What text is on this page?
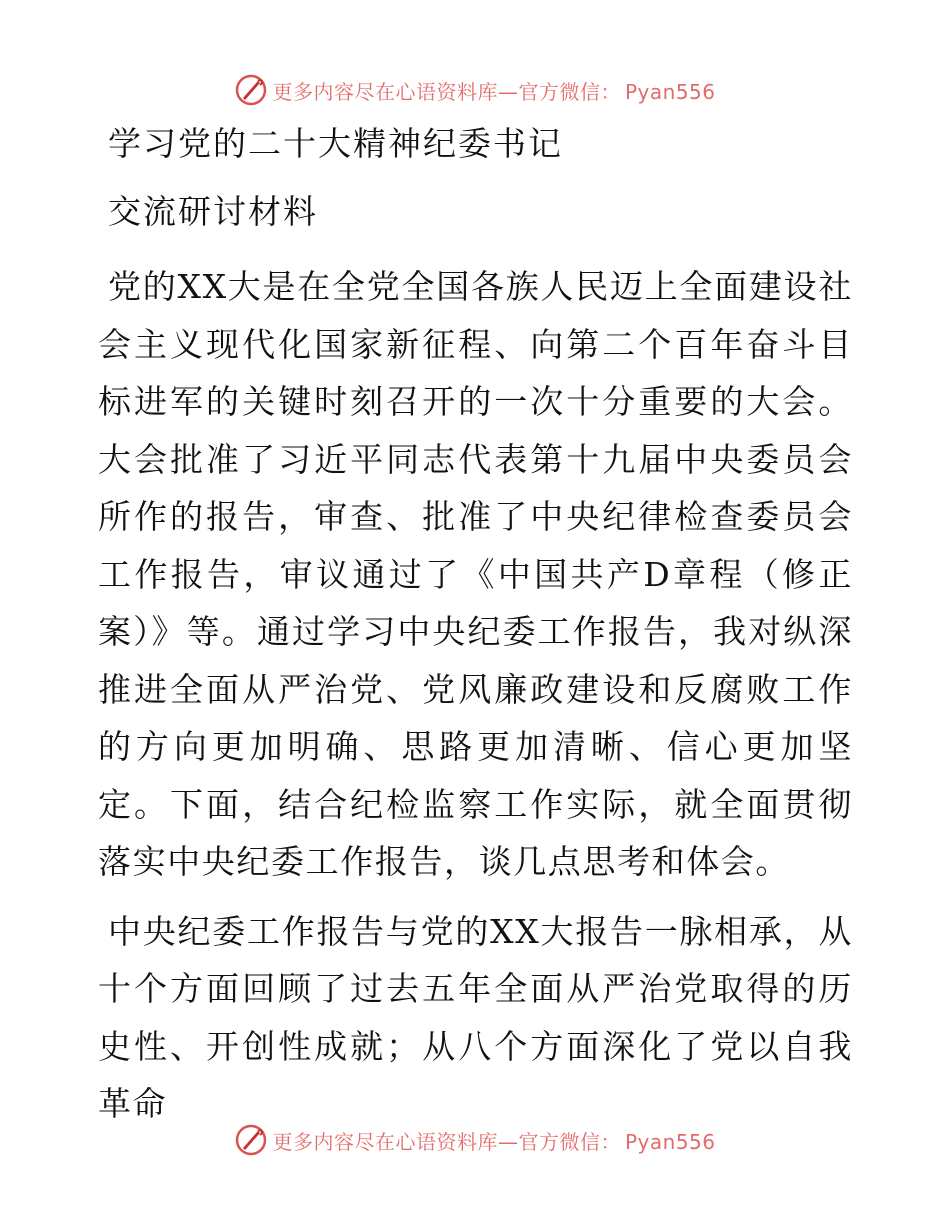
更多内容尽在心语资料库—官方微信： Pyan556
学习党的二十大精神纪委书记
交流研讨材料

党的XX大是在全党全国各族人民迈上全面建设社会主义现代化国家新征程、向第二个百年奋斗目标进军的关键时刻召开的一次十分重要的大会。大会批准了习近平同志代表第十九届中央委员会所作的报告，审查、批准了中央纪律检查委员会工作报告，审议通过了《中国共产D章程（修正案）》等。通过学习中央纪委工作报告，我对纵深推进全面从严治党、党风廉政建设和反腐败工作的方向更加明确、思路更加清晰、信心更加坚定。下面，结合纪检监察工作实际，就全面贯彻落实中央纪委工作报告，谈几点思考和体会。

中央纪委工作报告与党的XX大报告一脉相承，从十个方面回顾了过去五年全面从严治党取得的历史性、开创性成就；从八个方面深化了党以自我革命

更多内容尽在心语资料库—官方微信： Pyan556
